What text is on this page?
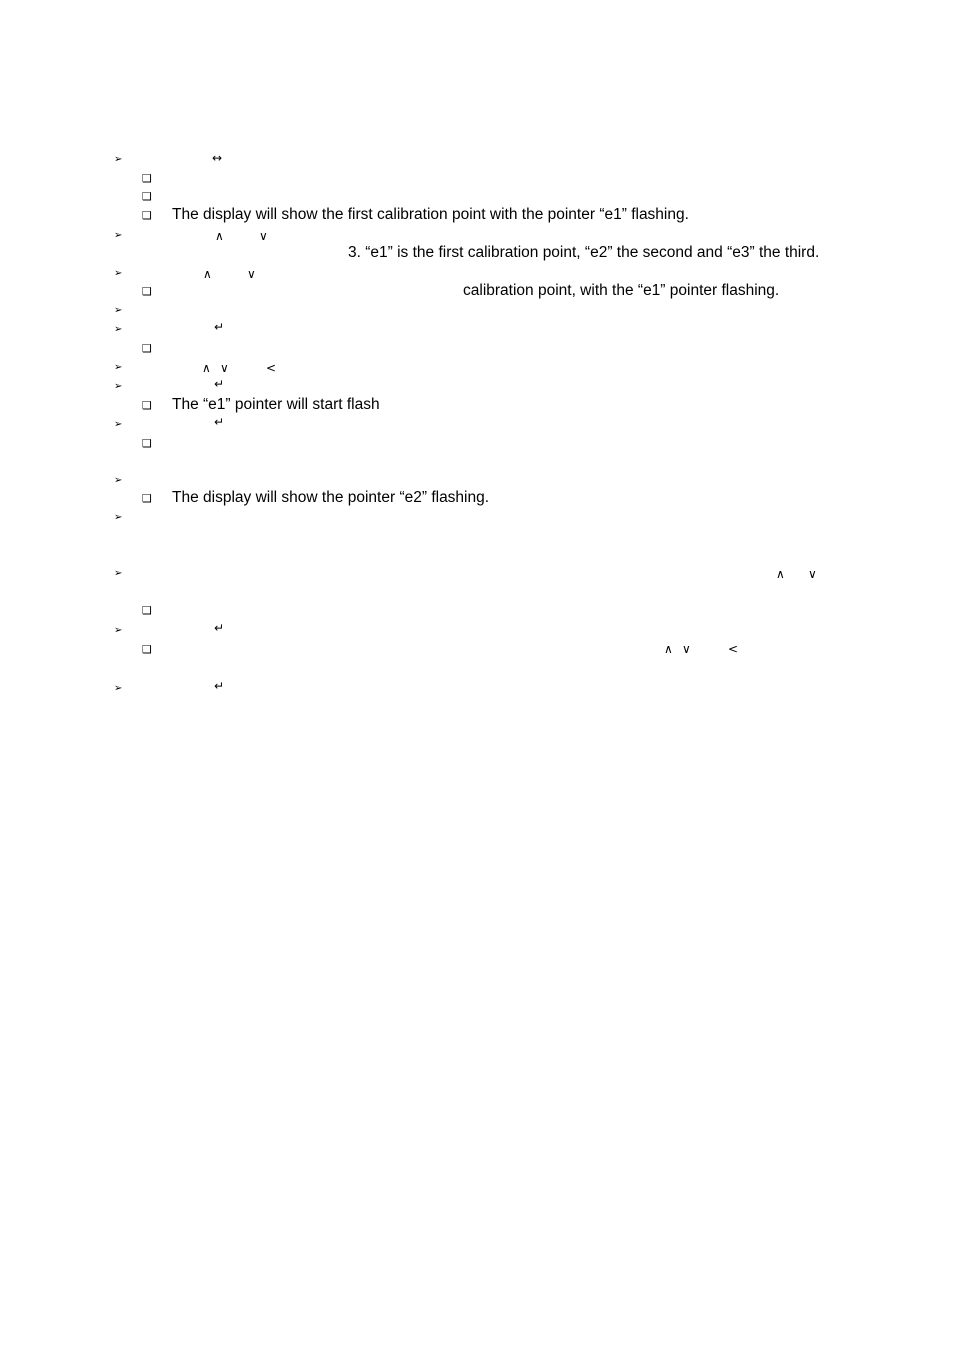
➢	↔
❑
❑
❑ The display will show the first calibration point with the pointer “e1” flashing.
➢	∧	∨
3. “e1” is the first calibration point, “e2” the second and “e3” the third.
➢	∧	∨
❑	calibration point, with the “e1” pointer flashing.
➢
➢	↵
❑
➢	∧ ∨	<
➢	↵
❑ The “e1” pointer will start flash
➢	↵
❑
➢
❑ The display will show the pointer “e2” flashing.
➢
➢	∧ ∨
❑
➢	↵
❑	∧ ∨	<
➢	↵
